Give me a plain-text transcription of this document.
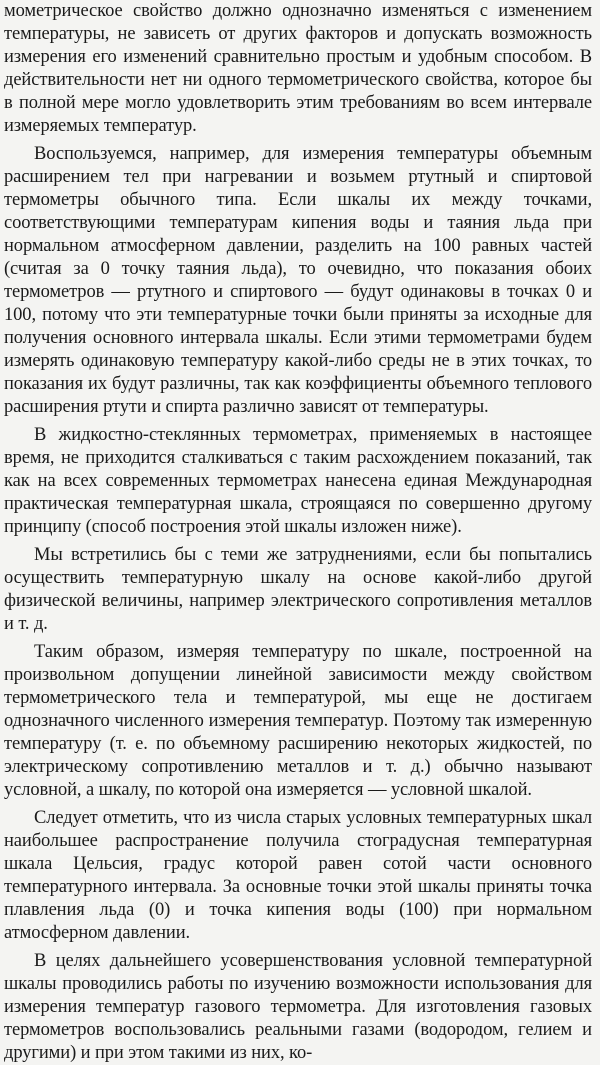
мометрическое свойство должно однозначно изменяться с изменением температуры, не зависеть от других факторов и допускать возможность измерения его изменений сравнительно простым и удобным способом. В действительности нет ни одного термометрического свойства, которое бы в полной мере могло удовлетворить этим требованиям во всем интервале измеряемых температур.

Воспользуемся, например, для измерения температуры объемным расширением тел при нагревании и возьмем ртутный и спиртовой термометры обычного типа. Если шкалы их между точками, соответствующими температурам кипения воды и таяния льда при нормальном атмосферном давлении, разделить на 100 равных частей (считая за 0 точку таяния льда), то очевидно, что показания обоих термометров — ртутного и спиртового — будут одинаковы в точках 0 и 100, потому что эти температурные точки были приняты за исходные для получения основного интервала шкалы. Если этими термометрами будем измерять одинаковую температуру какой-либо среды не в этих точках, то показания их будут различны, так как коэффициенты объемного теплового расширения ртути и спирта различно зависят от температуры.

В жидкостно-стеклянных термометрах, применяемых в настоящее время, не приходится сталкиваться с таким расхождением показаний, так как на всех современных термометрах нанесена единая Международная практическая температурная шкала, строящаяся по совершенно другому принципу (способ построения этой шкалы изложен ниже).

Мы встретились бы с теми же затруднениями, если бы попытались осуществить температурную шкалу на основе какой-либо другой физической величины, например электрического сопротивления металлов и т. д.

Таким образом, измеряя температуру по шкале, построенной на произвольном допущении линейной зависимости между свойством термометрического тела и температурой, мы еще не достигаем однозначного численного измерения температур. Поэтому так измеренную температуру (т. е. по объемному расширению некоторых жидкостей, по электрическому сопротивлению металлов и т. д.) обычно называют условной, а шкалу, по которой она измеряется — условной шкалой.

Следует отметить, что из числа старых условных температурных шкал наибольшее распространение получила стоградусная температурная шкала Цельсия, градус которой равен сотой части основного температурного интервала. За основные точки этой шкалы приняты точка плавления льда (0) и точка кипения воды (100) при нормальном атмосферном давлении.

В целях дальнейшего усовершенствования условной температурной шкалы проводились работы по изучению возможности использования для измерения температур газового термометра. Для изготовления газовых термометров воспользовались реальными газами (водородом, гелием и другими) и при этом такими из них, ко-
